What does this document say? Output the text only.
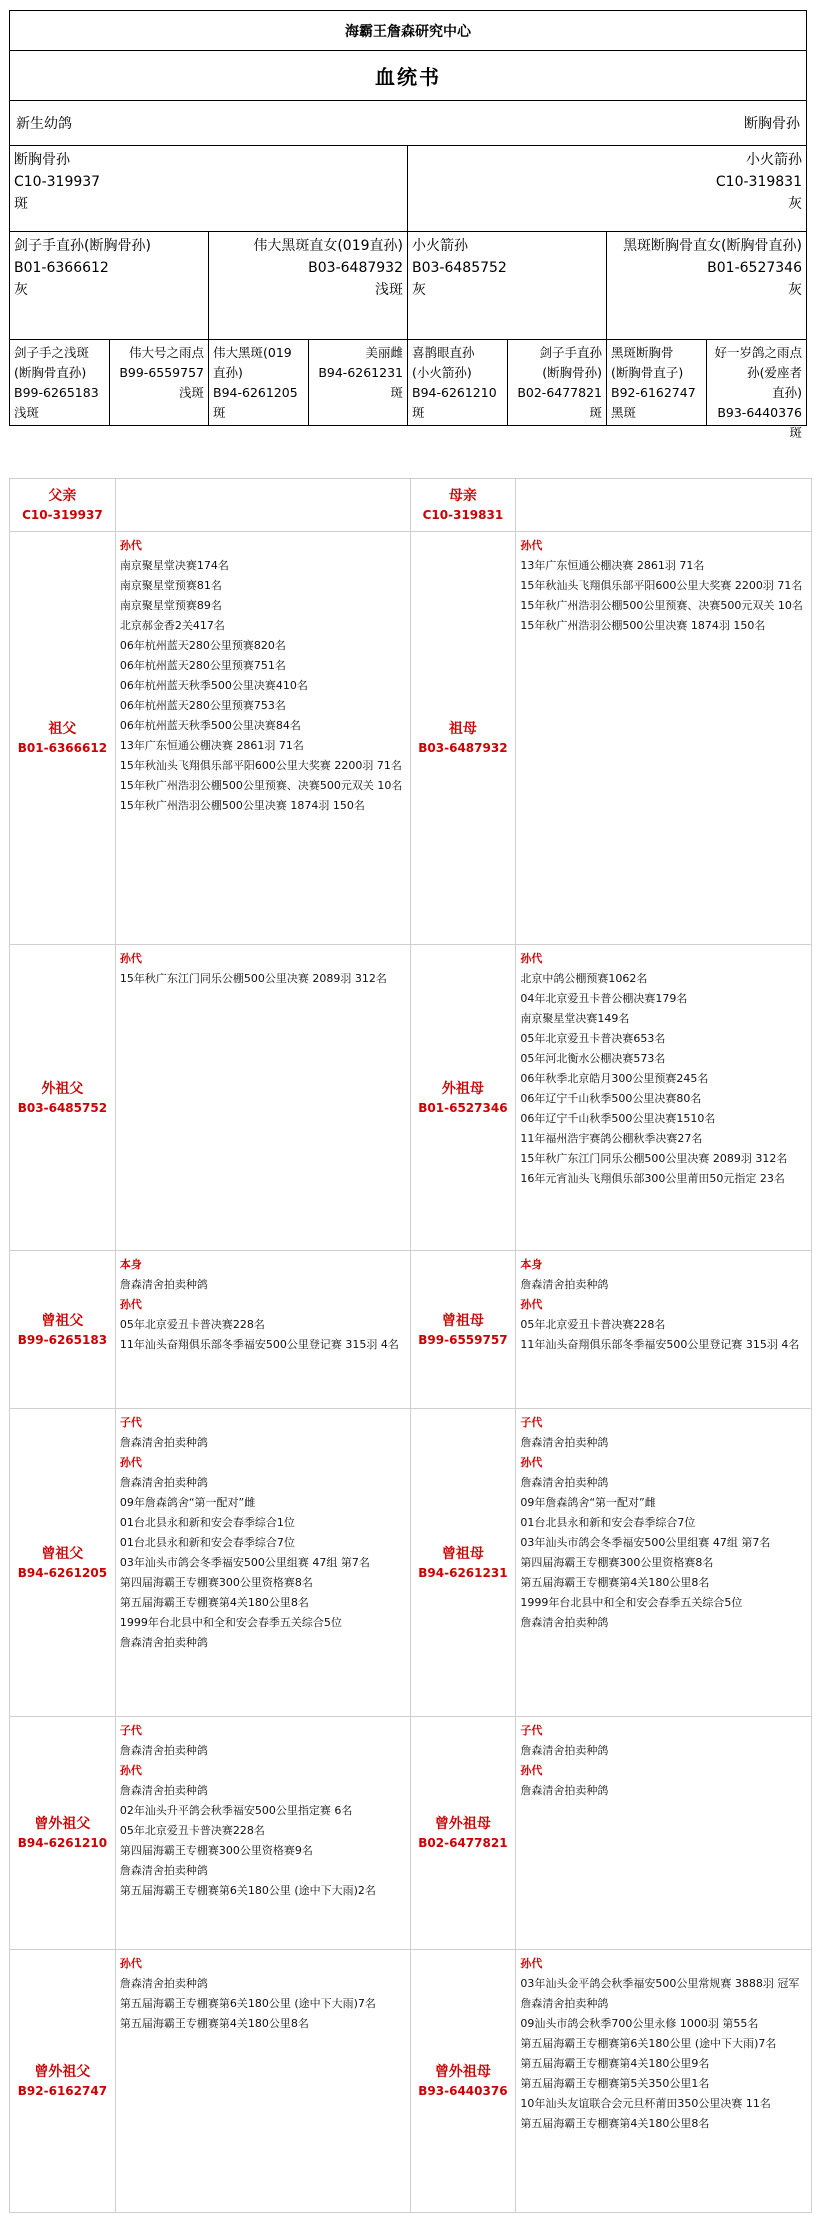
海霸王詹森研究中心
血统书
新生幼鸽	断胸骨孙
断胸骨孙
C10-319937
斑
小火箭孙
C10-319831
灰
剑子手直孙(断胸骨孙)
B01-6366612
灰
伟大黑斑直女(019直孙)
B03-6487932
浅斑
小火箭孙
B03-6485752
灰
黑斑断胸骨直女(断胸骨直孙)
B01-6527346
灰
剑子手之浅斑
(断胸骨直孙)
B99-6265183
浅斑
伟大号之雨点
B99-6559757
浅斑
伟大黑斑(019
直孙)
B94-6261205
斑
美丽雌
B94-6261231
斑
喜鹊眼直孙
(小火箭孙)
B94-6261210
斑
剑子手直孙
(断胸骨孙)
B02-6477821
斑
黑斑断胸骨
(断胸骨直子)
B92-6162747
黑斑
好一岁鸽之雨点孙(爱座者
直孙)
B93-6440376
斑
父亲
C10-319937
母亲
C10-319831
祖父
B01-6366612
孙代
南京聚星堂决赛174名
南京聚星堂预赛81名
南京聚星堂预赛89名
北京郝金香2关417名
06年杭州蓝天280公里预赛820名
06年杭州蓝天280公里预赛751名
06年杭州蓝天秋季500公里决赛410名
06年杭州蓝天280公里预赛753名
06年杭州蓝天秋季500公里决赛84名
13年广东恒通公棚决赛 2861羽 71名
15年秋汕头飞翔俱乐部平阳600公里大奖赛 2200羽 71名
15年秋广州浩羽公棚500公里预赛、决赛500元双关 10名
15年秋广州浩羽公棚500公里决赛 1874羽 150名
祖母
B03-6487932
孙代
13年广东恒通公棚决赛 2861羽 71名
15年秋汕头飞翔俱乐部平阳600公里大奖赛 2200羽 71名
15年秋广州浩羽公棚500公里预赛、决赛500元双关 10名
15年秋广州浩羽公棚500公里决赛 1874羽 150名
外祖父
B03-6485752
孙代
15年秋广东江门同乐公棚500公里决赛 2089羽 312名
外祖母
B01-6527346
孙代
北京中鸽公棚预赛1062名
04年北京爱丑卡普公棚决赛179名
南京聚星堂决赛149名
05年北京爱丑卡普决赛653名
05年河北衡水公棚决赛573名
06年秋季北京皓月300公里预赛245名
06年辽宁千山秋季500公里决赛80名
06年辽宁千山秋季500公里决赛1510名
11年福州浩宇赛鸽公棚秋季决赛27名
15年秋广东江门同乐公棚500公里决赛 2089羽 312名
16年元宵汕头飞翔俱乐部300公里莆田50元指定 23名
曾祖父
B99-6265183
本身
詹森清舍拍卖种鸽
孙代
05年北京爱丑卡普决赛228名
11年汕头奋翔俱乐部冬季福安500公里登记赛 315羽 4名
曾祖母
B99-6559757
本身
詹森清舍拍卖种鸽
孙代
05年北京爱丑卡普决赛228名
11年汕头奋翔俱乐部冬季福安500公里登记赛 315羽 4名
曾祖父
B94-6261205
子代
詹森清舍拍卖种鸽
孙代
詹森清舍拍卖种鸽
09年詹森鸽舍“第一配对”雌
01台北县永和新和安会春季综合1位
01台北县永和新和安会春季综合7位
03年汕头市鸽会冬季福安500公里组赛 47组 第7名
第四届海霸王专棚赛300公里资格赛8名
第五届海霸王专棚赛第4关180公里8名
1999年台北县中和全和安会春季五关综合5位
詹森清舍拍卖种鸽
曾祖母
B94-6261231
子代
詹森清舍拍卖种鸽
孙代
詹森清舍拍卖种鸽
09年詹森鸽舍“第一配对”雌
01台北县永和新和安会春季综合7位
03年汕头市鸽会冬季福安500公里组赛 47组 第7名
第四届海霸王专棚赛300公里资格赛8名
第五届海霸王专棚赛第4关180公里8名
1999年台北县中和全和安会春季五关综合5位
詹森清舍拍卖种鸽
曾外祖父
B94-6261210
子代
詹森清舍拍卖种鸽
孙代
詹森清舍拍卖种鸽
02年汕头升平鸽会秋季福安500公里指定赛 6名
05年北京爱丑卡普决赛228名
第四届海霸王专棚赛300公里资格赛9名
詹森清舍拍卖种鸽
第五届海霸王专棚赛第6关180公里 (途中下大雨)2名
曾外祖母
B02-6477821
子代
詹森清舍拍卖种鸽
孙代
詹森清舍拍卖种鸽
曾外祖父
B92-6162747
孙代
詹森清舍拍卖种鸽
第五届海霸王专棚赛第6关180公里 (途中下大雨)7名
第五届海霸王专棚赛第4关180公里8名
曾外祖母
B93-6440376
孙代
03年汕头金平鸽会秋季福安500公里常规赛 3888羽 冠军
詹森清舍拍卖种鸽
09汕头市鸽会秋季700公里永修 1000羽 第55名
第五届海霸王专棚赛第6关180公里 (途中下大雨)7名
第五届海霸王专棚赛第4关180公里9名
第五届海霸王专棚赛第5关350公里1名
10年汕头友谊联合会元旦杯莆田350公里决赛 11名
第五届海霸王专棚赛第4关180公里8名
